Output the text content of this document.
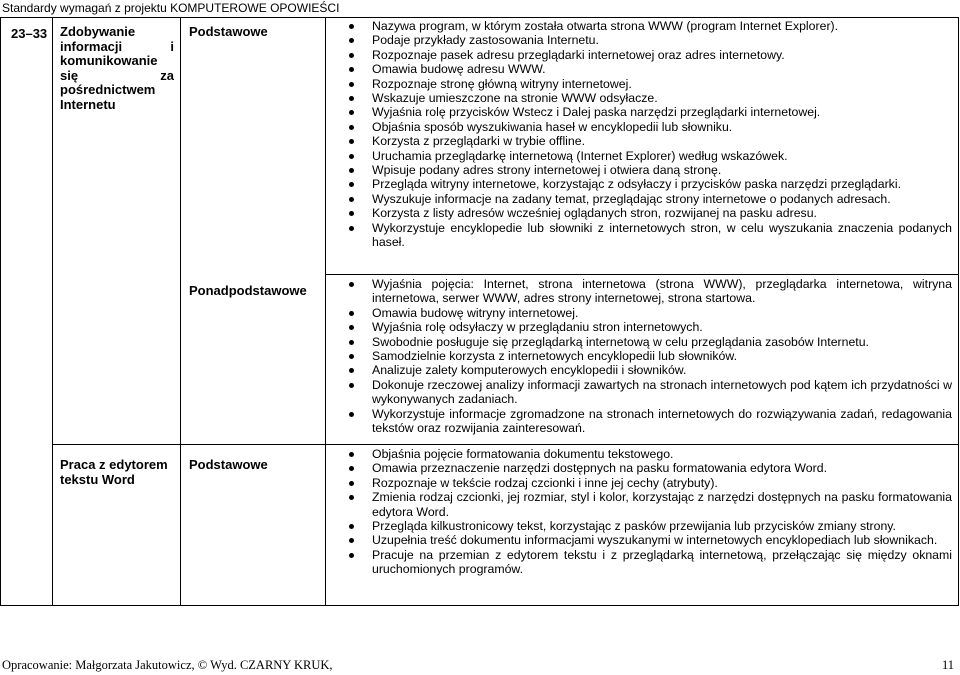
Standardy wymagań z projektu KOMPUTEROWE OPOWIEŚCI
23–33 Zdobywanie informacji i komunikowanie się za pośrednictwem Internetu
Praca z edytorem tekstu Word
Podstawowe
Ponadpodstawowe
Podstawowe
Nazywa program, w którym została otwarta strona WWW (program Internet Explorer).
Podaje przykłady zastosowania Internetu.
Rozpoznaje pasek adresu przeglądarki internetowej oraz adres internetowy.
Omawia budowę adresu WWW.
Rozpoznaje stronę główną witryny internetowej.
Wskazuje umieszczone na stronie WWW odsyłacze.
Wyjaśnia rolę przycisków Wstecz i Dalej paska narzędzi przeglądarki internetowej.
Objaśnia sposób wyszukiwania haseł w encyklopedii lub słowniku.
Korzysta z przeglądarki w trybie offline.
Uruchamia przeglądarkę internetową (Internet Explorer) według wskazówek.
Wpisuje podany adres strony internetowej i otwiera daną stronę.
Przegląda witryny internetowe, korzystając z odsyłaczy i przycisków paska narzędzi przeglądarki.
Wyszukuje informacje na zadany temat, przeglądając strony internetowe o podanych adresach.
Korzysta z listy adresów wcześniej oglądanych stron, rozwijanej na pasku adresu.
Wykorzystuje encyklopedie lub słowniki z internetowych stron, w celu wyszukania znaczenia podanych haseł.
Wyjaśnia pojęcia: Internet, strona internetowa (strona WWW), przeglądarka internetowa, witryna internetowa, serwer WWW, adres strony internetowej, strona startowa.
Omawia budowę witryny internetowej.
Wyjaśnia rolę odsyłaczy w przeglądaniu stron internetowych.
Swobodnie posługuje się przeglądarką internetową w celu przeglądania zasobów Internetu.
Samodzielnie korzysta z internetowych encyklopedii lub słowników.
Analizuje zalety komputerowych encyklopedii i słowników.
Dokonuje rzeczowej analizy informacji zawartych na stronach internetowych pod kątem ich przydatności w wykonywanych zadaniach.
Wykorzystuje informacje zgromadzone na stronach internetowych do rozwiązywania zadań, redagowania tekstów oraz rozwijania zainteresowań.
Objaśnia pojęcie formatowania dokumentu tekstowego.
Omawia przeznaczenie narzędzi dostępnych na pasku formatowania edytora Word.
Rozpoznaje w tekście rodzaj czcionki i inne jej cechy (atrybuty).
Zmienia rodzaj czcionki, jej rozmiar, styl i kolor, korzystając z narzędzi dostępnych na pasku formatowania edytora Word.
Przegląda kilkustronicowy tekst, korzystając z pasków przewijania lub przycisków zmiany strony.
Uzupełnia treść dokumentu informacjami wyszukanymi w internetowych encyklopediach lub słownikach.
Pracuje na przemian z edytorem tekstu i z przeglądarką internetową, przełączając się między oknami uruchomionych programów.
Opracowanie: Małgorzata Jakutowicz, © Wyd. CZARNY KRUK,	11
